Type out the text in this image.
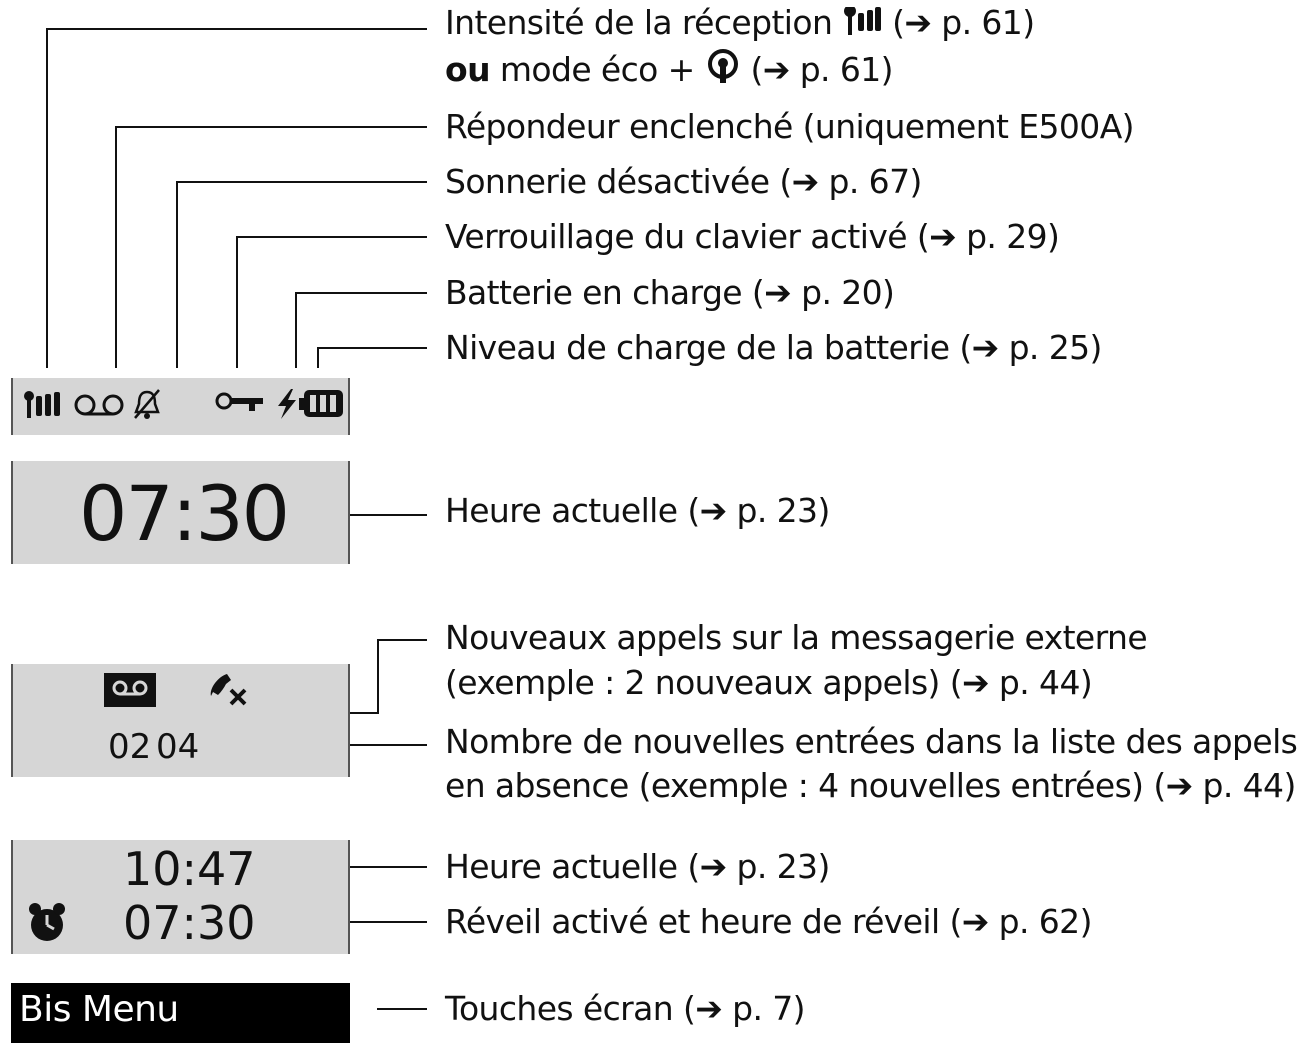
Intensité de la réception (➔ p. 61)
ou mode éco + (➔ p. 61)
Répondeur enclenché (uniquement E500A)
Sonnerie désactivée (➔ p. 67)
Verrouillage du clavier activé (➔ p. 29)
Batterie en charge (➔ p. 20)
Niveau de charge de la batterie (➔ p. 25)
Heure actuelle (➔ p. 23)
Nouveaux appels sur la messagerie externe
(exemple : 2 nouveaux appels) (➔ p. 44)
Nombre de nouvelles entrées dans la liste des appels
en absence (exemple : 4 nouvelles entrées) (➔ p. 44)
Heure actuelle (➔ p. 23)
Réveil activé et heure de réveil (➔ p. 62)
Touches écran (➔ p. 7)
07:30
02 04
10:47
07:30
Bis Menu
